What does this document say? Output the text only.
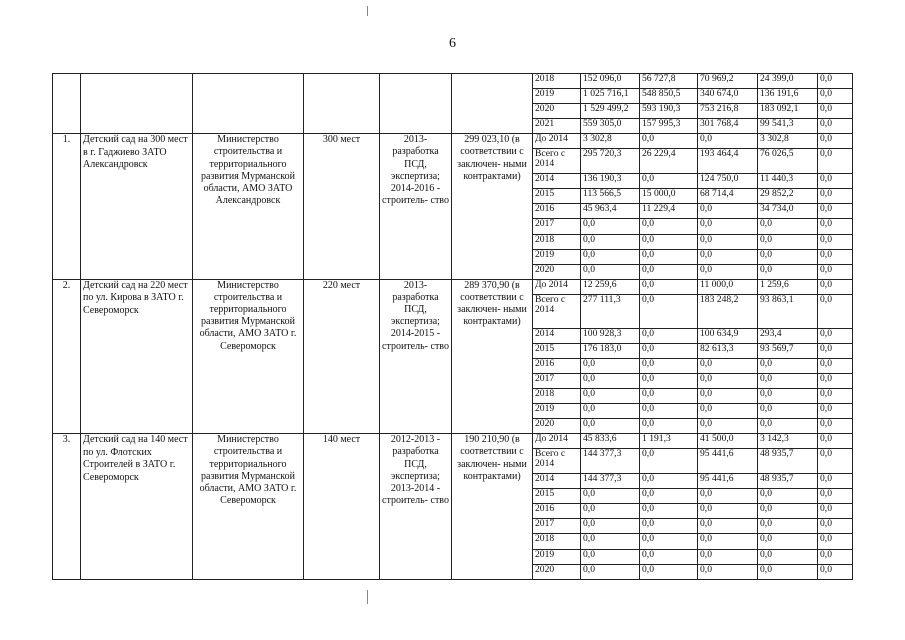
6
						2018	152 096,0	56 727,8	70 969,2	24 399,0	0,0
						2019	1 025 716,1	548 850,5	340 674,0	136 191,6	0,0
						2020	1 529 499,2	593 190,3	753 216,8	183 092,1	0,0
						2021	559 305,0	157 995,3	301 768,4	99 541,3	0,0
1.	Детский сад на 300 мест в г. Гаджиево ЗАТО Александровск	Министерство строительства и территориального развития Мурманской области, АМО ЗАТО Александровск	300 мест	2013- разработка ПСД, экспертиза; 2014-2016 - строитель- ство	299 023,10 (в соответствии с заключен- ными контрактами)	До 2014	3 302,8	0,0	0,0	3 302,8	0,0
						Всего с 2014	295 720,3	26 229,4	193 464,4	76 026,5	0,0
						2014	136 190,3	0,0	124 750,0	11 440,3	0,0
						2015	113 566,5	15 000,0	68 714,4	29 852,2	0,0
						2016	45 963,4	11 229,4	0,0	34 734,0	0,0
						2017	0,0	0,0	0,0	0,0	0,0
						2018	0,0	0,0	0,0	0,0	0,0
						2019	0,0	0,0	0,0	0,0	0,0
						2020	0,0	0,0	0,0	0,0	0,0
2.	Детский сад на 220 мест по ул. Кирова в ЗАТО г. Североморск	Министерство строительства и территориального развития Мурманской области, АМО ЗАТО г. Североморск	220 мест	2013- разработка ПСД, экспертиза; 2014-2015 - строитель- ство	289 370,90 (в соответствии с заключен- ными контрактами)	До 2014	12 259,6	0,0	11 000,0	1 259,6	0,0
						Всего с 2014	277 111,3	0,0	183 248,2	93 863,1	0,0
						2014	100 928,3	0,0	100 634,9	293,4	0,0
						2015	176 183,0	0,0	82 613,3	93 569,7	0,0
						2016	0,0	0,0	0,0	0,0	0,0
						2017	0,0	0,0	0,0	0,0	0,0
						2018	0,0	0,0	0,0	0,0	0,0
						2019	0,0	0,0	0,0	0,0	0,0
						2020	0,0	0,0	0,0	0,0	0,0
3.	Детский сад на 140 мест по ул. Флотских Строителей в ЗАТО г. Североморск	Министерство строительства и территориального развития Мурманской области, АМО ЗАТО г. Североморск	140 мест	2012-2013 - разработка ПСД, экспертиза; 2013-2014 - строитель- ство	190 210,90 (в соответствии с заключен- ными контрактами)	До 2014	45 833,6	1 191,3	41 500,0	3 142,3	0,0
						Всего с 2014	144 377,3	0,0	95 441,6	48 935,7	0,0
						2014	144 377,3	0,0	95 441,6	48 935,7	0,0
						2015	0,0	0,0	0,0	0,0	0,0
						2016	0,0	0,0	0,0	0,0	0,0
						2017	0,0	0,0	0,0	0,0	0,0
						2018	0,0	0,0	0,0	0,0	0,0
						2019	0,0	0,0	0,0	0,0	0,0
						2020	0,0	0,0	0,0	0,0	0,0
